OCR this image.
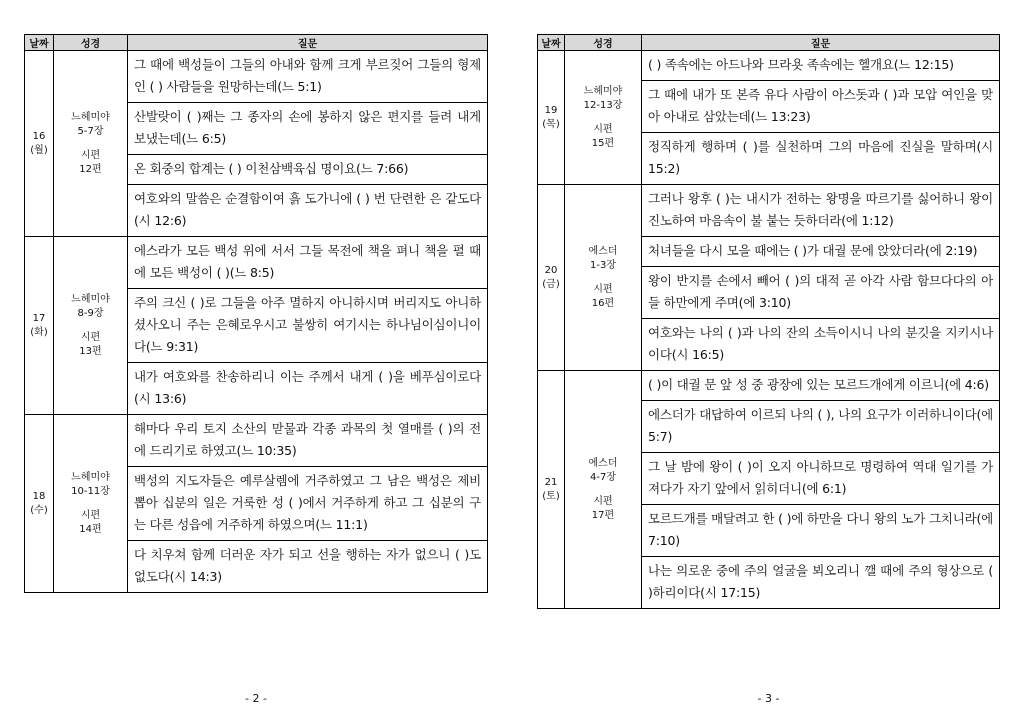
날짜	성경	질문

16
(월)	느헤미야
5-7장
시편
12편	그 때에 백성들이 그들의 아내와 함께 크게 부르짖어 그들의 형제인 ( ) 사람들을 원망하는데(느 5:1)
		산발랏이 ( )째는 그 종자의 손에 봉하지 않은 편지를 들려 내게 보냈는데(느 6:5)
		온 회중의 합계는 ( ) 이천삼백육십 명이요(느 7:66)
		여호와의 말씀은 순결함이여 흙 도가니에 ( ) 번 단련한 은 같도다(시 12:6)

17
(화)	느헤미야
8-9장
시편
13편	에스라가 모든 백성 위에 서서 그들 목전에 책을 펴니 책을 펼 때에 모든 백성이 ( )(느 8:5)
		주의 크신 ( )로 그들을 아주 멸하지 아니하시며 버리지도 아니하셨사오니 주는 은혜로우시고 불쌍히 여기시는 하나님이심이니이다(느 9:31)
		내가 여호와를 찬송하리니 이는 주께서 내게 ( )을 베푸심이로다(시 13:6)

18
(수)	느헤미야
10-11장
시편
14편	해마다 우리 토지 소산의 맏물과 각종 과목의 첫 열매를 ( )의 전에 드리기로 하였고(느 10:35)
		백성의 지도자들은 예루살렘에 거주하였고 그 남은 백성은 제비 뽑아 십분의 일은 거룩한 성 ( )에서 거주하게 하고 그 십분의 구는 다른 성읍에 거주하게 하였으며(느 11:1)
		다 치우쳐 함께 더러운 자가 되고 선을 행하는 자가 없으니 ( )도 없도다(시 14:3)
날짜	성경	질문

19
(목)	느헤미야
12-13장
시편
15편	( ) 족속에는 아드나와 므라욧 족속에는 헬개요(느 12:15)
		그 때에 내가 또 본즉 유다 사람이 아스돗과 ( )과 모압 여인을 맞아 아내로 삼았는데(느 13:23)
		정직하게 행하며 ( )를 실천하며 그의 마음에 진실을 말하며(시 15:2)

20
(금)	에스더
1-3장
시편
16편	그러나 왕후 ( )는 내시가 전하는 왕명을 따르기를 싫어하니 왕이 진노하여 마음속이 불 붙는 듯하더라(에 1:12)
		처녀들을 다시 모을 때에는 ( )가 대궐 문에 앉았더라(에 2:19)
		왕이 반지를 손에서 빼어 ( )의 대적 곧 아각 사람 함므다다의 아들 하만에게 주며(에 3:10)
		여호와는 나의 ( )과 나의 잔의 소득이시니 나의 분깃을 지키시나이다(시 16:5)

21
(토)	에스더
4-7장
시편
17편	( )이 대궐 문 앞 성 중 광장에 있는 모르드개에게 이르니(에 4:6)
		에스더가 대답하여 이르되 나의 ( ), 나의 요구가 이러하니이다(에 5:7)
		그 날 밤에 왕이 ( )이 오지 아니하므로 명령하여 역대 일기를 가져다가 자기 앞에서 읽히더니(에 6:1)
		모르드개를 매달려고 한 ( )에 하만을 다니 왕의 노가 그치니라(에 7:10)
		나는 의로운 중에 주의 얼굴을 뵈오리니 깰 때에 주의 형상으로 ( )하리이다(시 17:15)
- 2 -	- 3 -
